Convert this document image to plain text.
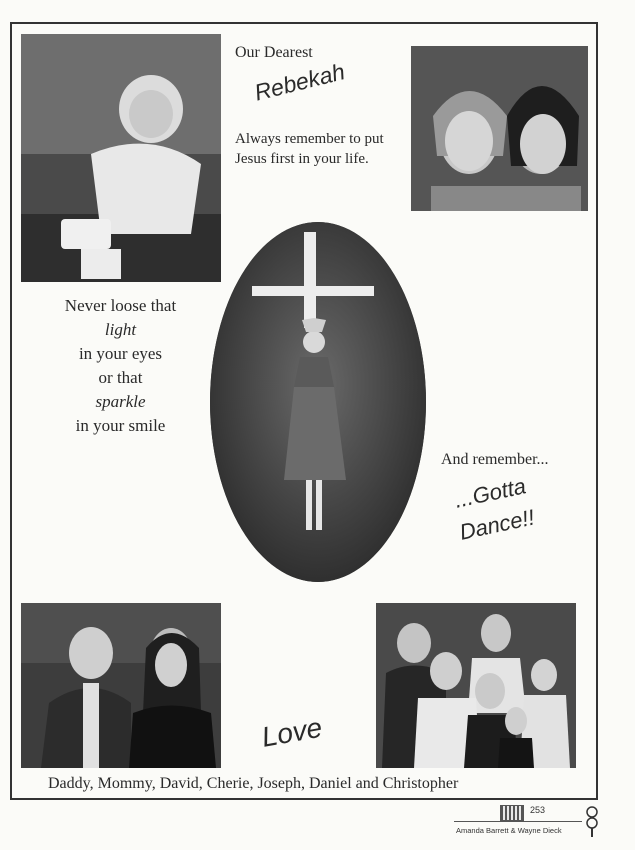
Our Dearest
Rebekah
Always remember to put
Jesus first in your life.
Never loose that
light
in your eyes
or that
sparkle
in your smile
And remember...
...Gotta
Dance!!
Love
Daddy, Mommy, David, Cherie, Joseph, Daniel and Christopher
253
Amanda Barrett & Wayne Dieck
